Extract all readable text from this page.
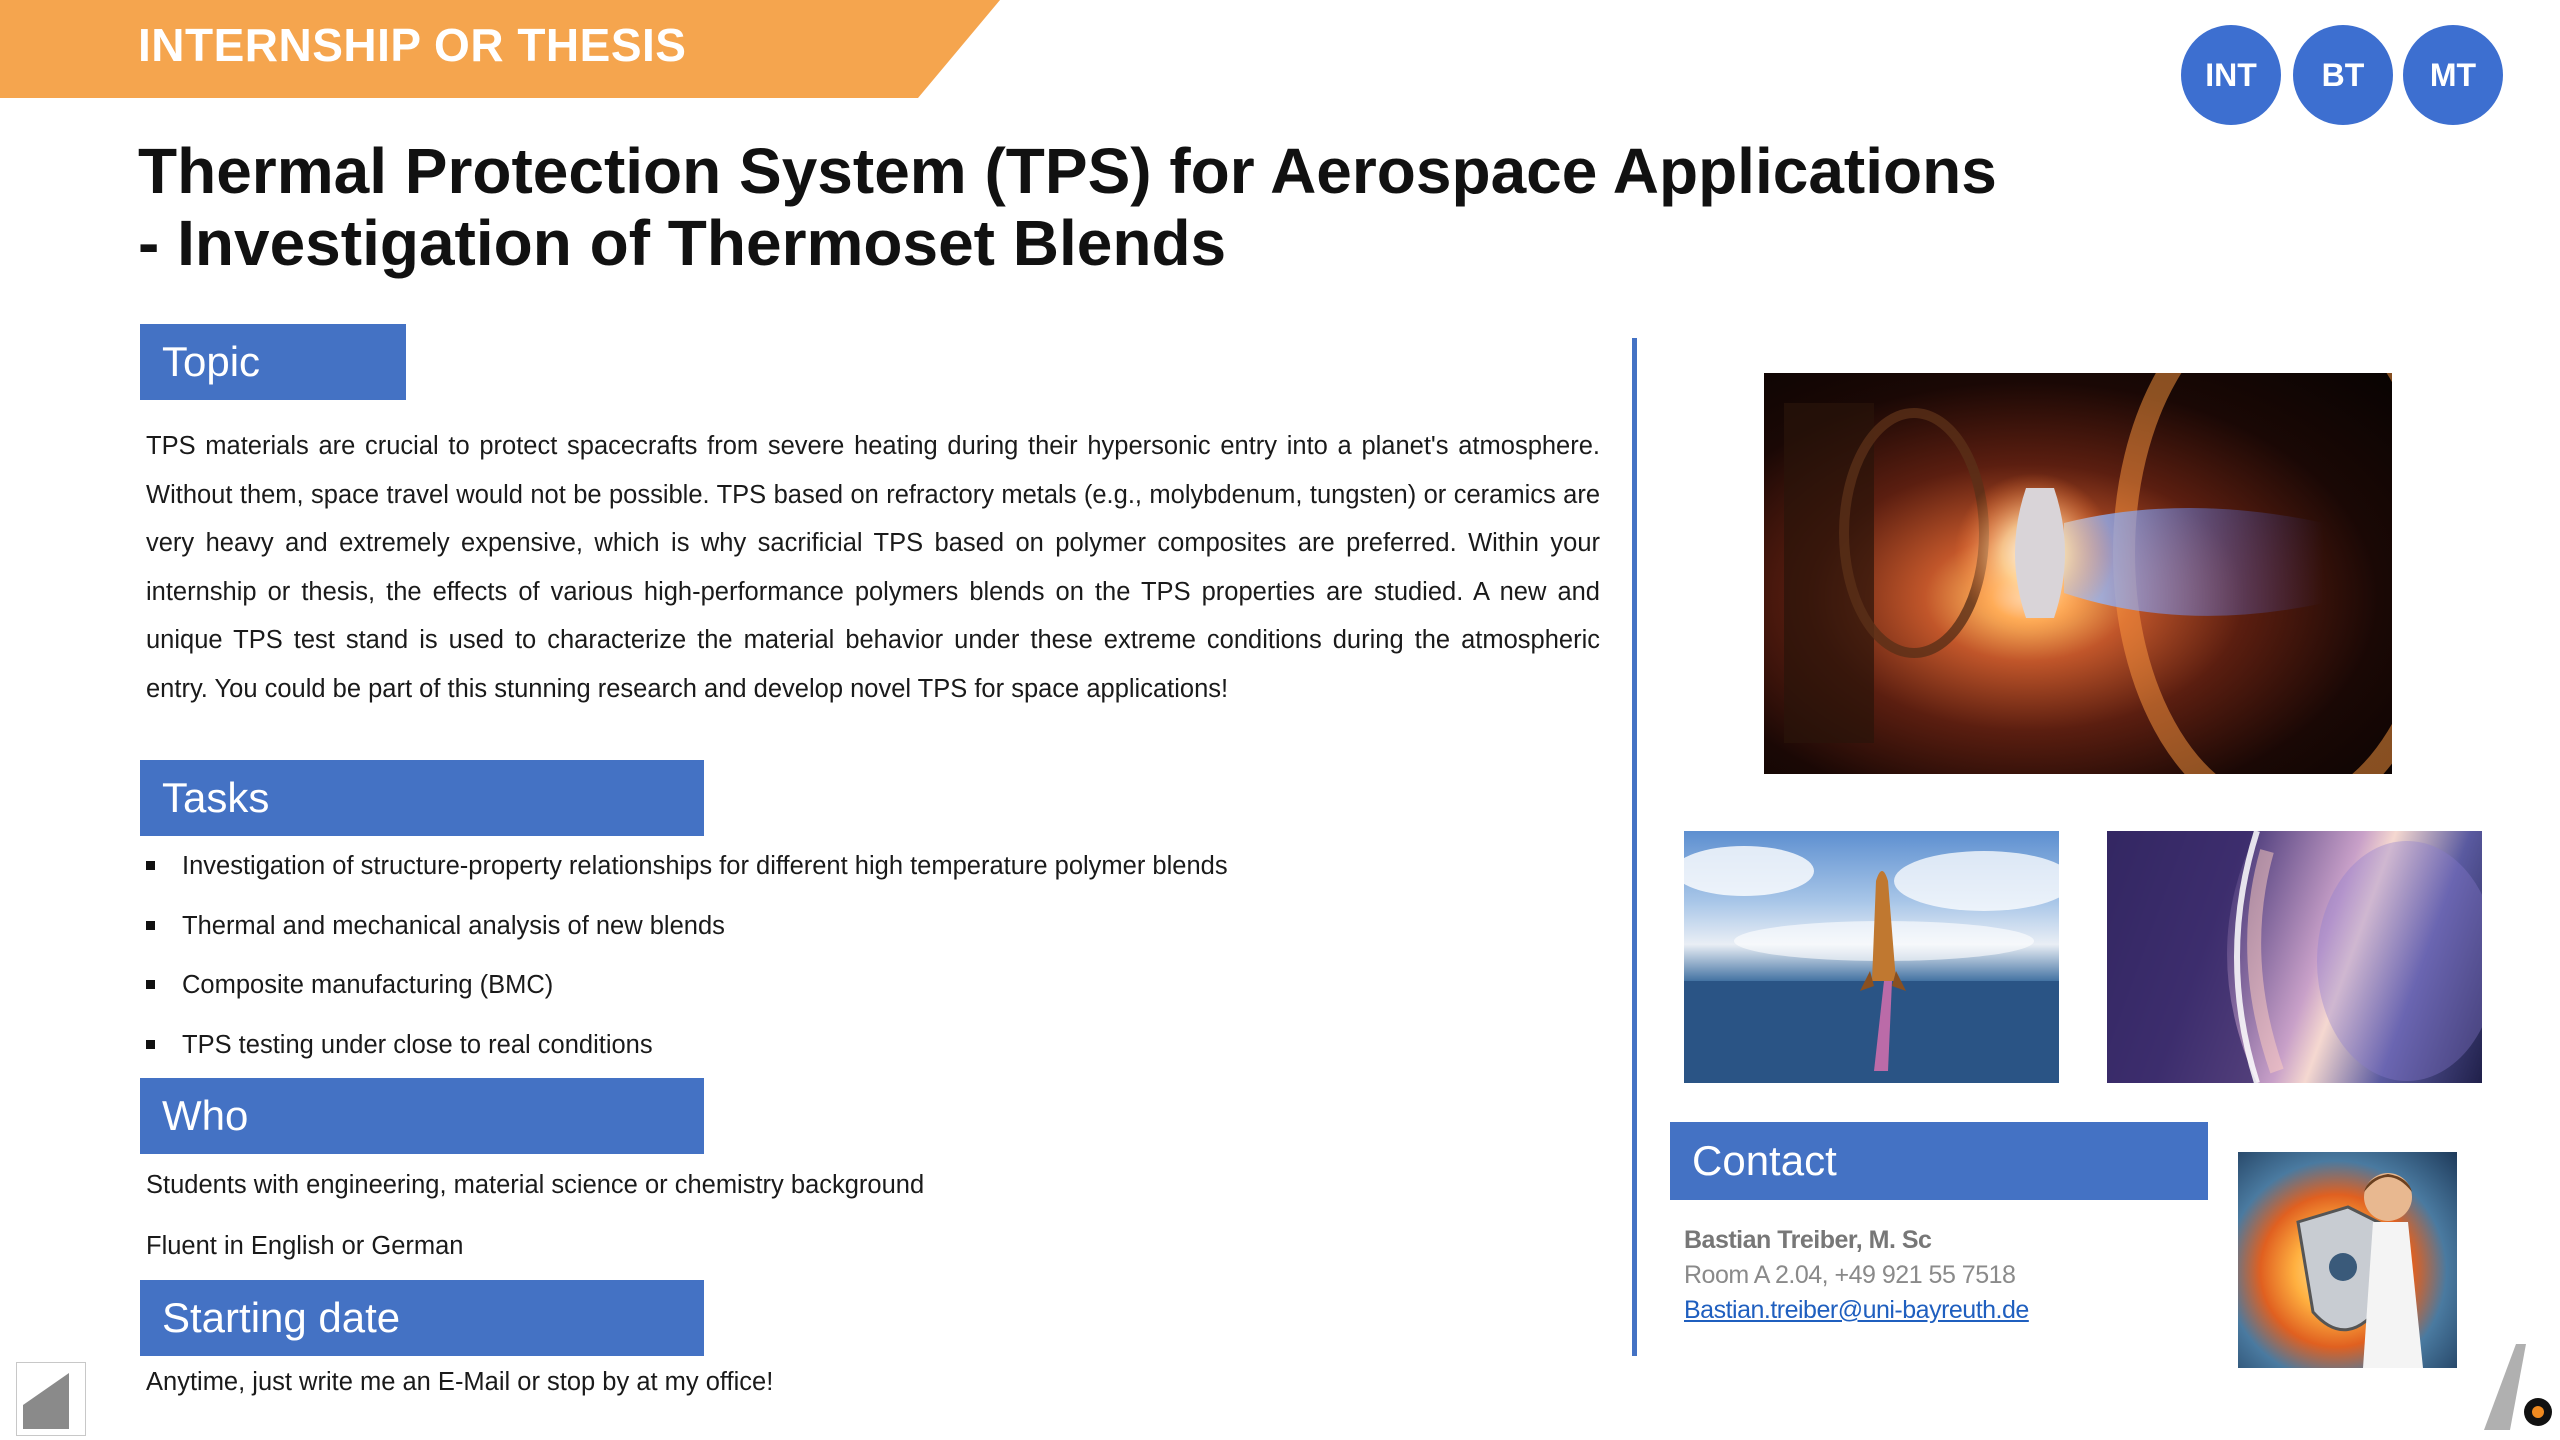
INTERNSHIP OR THESIS
INT	BT	MT
Thermal Protection System (TPS) for Aerospace Applications
- Investigation of Thermoset Blends
Topic
TPS materials are crucial to protect spacecrafts from severe heating during their hypersonic entry into a planet's atmosphere. Without them, space travel would not be possible. TPS based on refractory metals (e.g., molybdenum, tungsten) or ceramics are very heavy and extremely expensive, which is why sacrificial TPS based on polymer composites are preferred. Within your internship or thesis, the effects of various high-performance polymers blends on the TPS properties are studied. A new and unique TPS test stand is used to characterize the material behavior under these extreme conditions during the atmospheric entry. You could be part of this stunning research and develop novel TPS for space applications!
Tasks
Investigation of structure-property relationships for different high temperature polymer blends
Thermal and mechanical analysis of new blends
Composite manufacturing (BMC)
TPS testing under close to real conditions
Who
Students with engineering, material science or chemistry background
Fluent in English or German
Starting date
Anytime, just write me an E-Mail or stop by at my office!
Contact
Bastian Treiber, M. Sc
Room A 2.04, +49 921 55 7518
Bastian.treiber@uni-bayreuth.de
